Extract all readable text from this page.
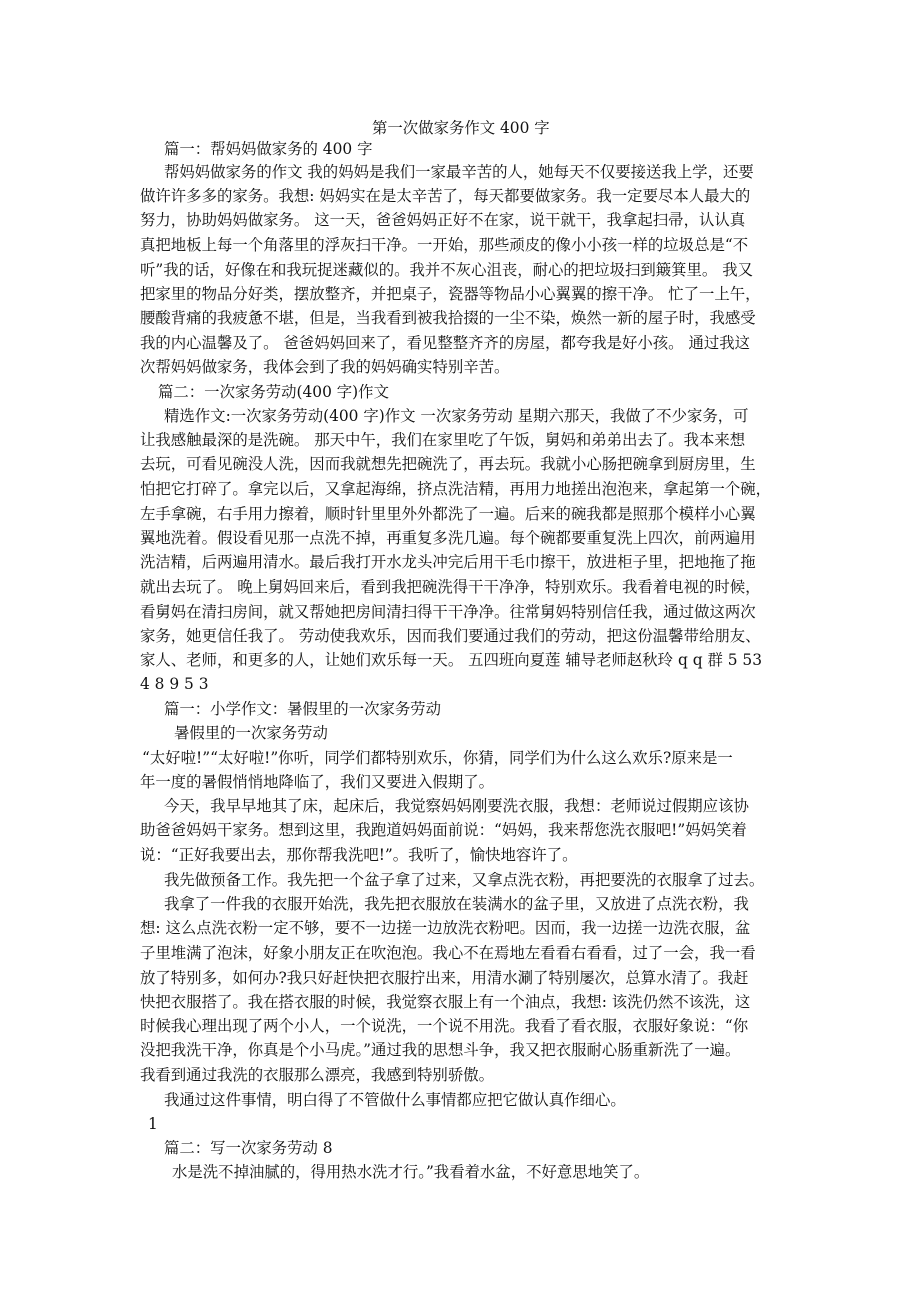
第一次做家务作文 400 字

篇一：帮妈妈做家务的 400 字

帮妈妈做家务的作文 我的妈妈是我们一家最辛苦的人，她每天不仅要接送我上学，还要

做许许多多的家务。我想: 妈妈实在是太辛苦了，每天都要做家务。我一定要尽本人最大的

努力，协助妈妈做家务。 这一天，爸爸妈妈正好不在家，说干就干，我拿起扫帚，认认真

真把地板上每一个角落里的浮灰扫干净。一开始，那些顽皮的像小小孩一样的垃圾总是“不

听”我的话，好像在和我玩捉迷藏似的。我并不灰心沮丧，耐心的把垃圾扫到簸箕里。 我又

把家里的物品分好类，摆放整齐，并把桌子，瓷器等物品小心翼翼的擦干净。 忙了一上午，

腰酸背痛的我疲惫不堪，但是，当我看到被我拾掇的一尘不染，焕然一新的屋子时，我感受

我的内心温馨及了。 爸爸妈妈回来了，看见整整齐齐的房屋，都夸我是好小孩。 通过我这

次帮妈妈做家务，我体会到了我的妈妈确实特别辛苦。

篇二：一次家务劳动(400 字)作文

精选作文:一次家务劳动(400 字)作文 一次家务劳动 星期六那天，我做了不少家务，可

让我感触最深的是洗碗。 那天中午，我们在家里吃了午饭，舅妈和弟弟出去了。我本来想

去玩，可看见碗没人洗，因而我就想先把碗洗了，再去玩。我就小心肠把碗拿到厨房里，生

怕把它打碎了。拿完以后，又拿起海绵，挤点洗洁精，再用力地搓出泡泡来，拿起第一个碗，

左手拿碗，右手用力擦着，顺时针里里外外都洗了一遍。后来的碗我都是照那个模样小心翼

翼地洗着。假设看见那一点洗不掉，再重复多洗几遍。每个碗都要重复洗上四次，前两遍用

洗洁精，后两遍用清水。最后我打开水龙头冲完后用干毛巾擦干，放进柜子里，把地拖了拖

就出去玩了。 晚上舅妈回来后，看到我把碗洗得干干净净，特别欢乐。我看着电视的时候，

看舅妈在清扫房间，就又帮她把房间清扫得干干净净。往常舅妈特别信任我，通过做这两次

家务，她更信任我了。 劳动使我欢乐，因而我们要通过我们的劳动，把这份温馨带给朋友、

家人、老师，和更多的人，让她们欢乐每一天。 五四班向夏莲 辅导老师赵秋玲 q q 群 5 53

4 8 9 5 3

篇一：小学作文：暑假里的一次家务劳动

暑假里的一次家务劳动

“太好啦!”“太好啦!”你听，同学们都特别欢乐，你猜，同学们为什么这么欢乐?原来是一

年一度的暑假悄悄地降临了，我们又要进入假期了。

今天，我早早地其了床，起床后，我觉察妈妈刚要洗衣服，我想：老师说过假期应该协

助爸爸妈妈干家务。想到这里，我跑道妈妈面前说：“妈妈，我来帮您洗衣服吧!”妈妈笑着

说：“正好我要出去，那你帮我洗吧!”。我听了，愉快地容许了。

我先做预备工作。我先把一个盆子拿了过来，又拿点洗衣粉，再把要洗的衣服拿了过去。

我拿了一件我的衣服开始洗，我先把衣服放在装满水的盆子里，又放进了点洗衣粉，我

想: 这么点洗衣粉一定不够，要不一边搓一边放洗衣粉吧。因而，我一边搓一边洗衣服，盆

子里堆满了泡沫，好象小朋友正在吹泡泡。我心不在焉地左看看右看看，过了一会，我一看

放了特别多，如何办?我只好赶快把衣服拧出来，用清水涮了特别屡次，总算水清了。我赶

快把衣服搭了。我在搭衣服的时候，我觉察衣服上有一个油点，我想: 该洗仍然不该洗，这

时候我心理出现了两个小人，一个说洗，一个说不用洗。我看了看衣服，衣服好象说：“你

没把我洗干净，你真是个小马虎。”通过我的思想斗争，我又把衣服耐心肠重新洗了一遍。

我看到通过我洗的衣服那么漂亮，我感到特别骄傲。

我通过这件事情，明白得了不管做什么事情都应把它做认真作细心。

1

篇二：写一次家务劳动 8

水是洗不掉油腻的，得用热水洗才行。”我看着水盆，不好意思地笑了。
